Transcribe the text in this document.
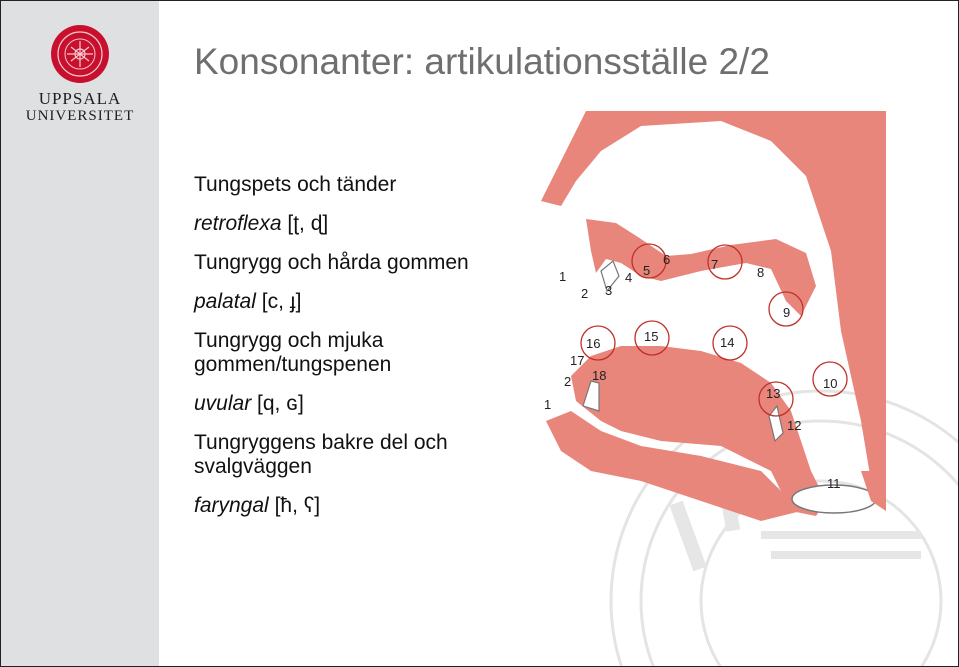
UPPSALA
UNIVERSITET
Konsonanter: artikulationsställe 2/2
Tungspets och tänder
retroflexa [ʈ, ɖ]
Tungrygg och hårda gommen
palatal [c, ɟ]
Tungrygg och mjuka
gommen/tungspenen
uvular [q, ɢ]
Tungryggens bakre del och
svalgväggen
faryngal [ħ, ʕ]
1
2 3
4 5
6	7
8
9
10
11
12
13
14
15
16
17
18
2
1
